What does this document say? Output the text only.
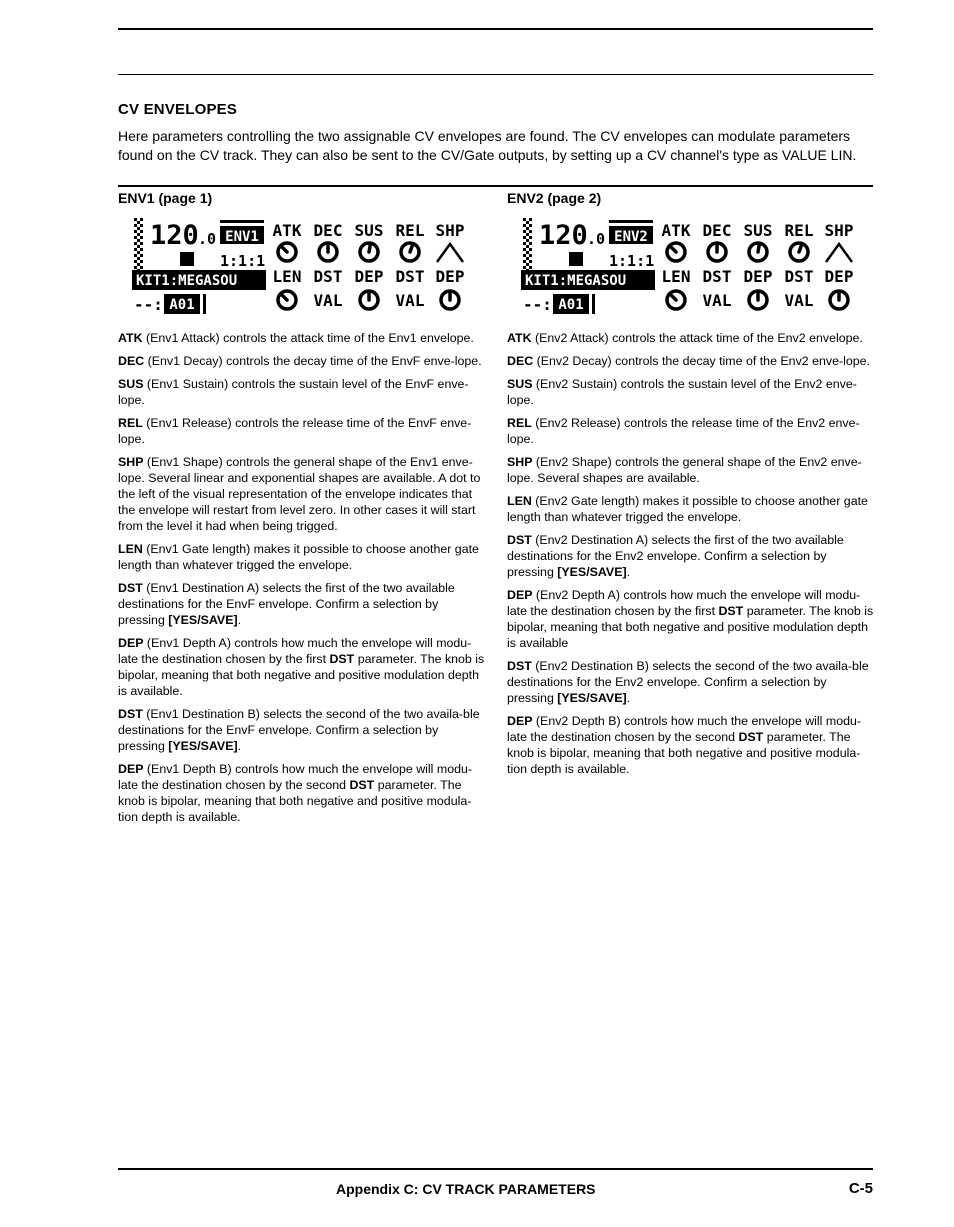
CV ENVELOPES
Here parameters controlling the two assignable CV envelopes are found. The CV envelopes can modulate parameters found on the CV track. They can also be sent to the CV/Gate outputs, by setting up a CV channel's type as VALUE LIN.
ENV1 (page 1)
120 .0 ENV1
1:1:1
KIT1:MEGASOU
--: A01
ATK DEC SUS REL SHP
LEN DST DEP DST DEP
VAL	VAL

ATK (Env1 Attack) controls the attack time of the Env1 envelope.

DEC (Env1 Decay) controls the decay time of the EnvF enve-lope.

SUS (Env1 Sustain) controls the sustain level of the EnvF enve-lope.

REL (Env1 Release) controls the release time of the EnvF enve-lope.

SHP (Env1 Shape) controls the general shape of the Env1 enve-lope. Several linear and exponential shapes are available. A dot to the left of the visual representation of the envelope indicates that the envelope will restart from level zero. In other cases it will start from the level it had when being trigged.

LEN (Env1 Gate length) makes it possible to choose another gate length than whatever trigged the envelope.

DST (Env1 Destination A) selects the first of the two available destinations for the EnvF envelope. Confirm a selection by pressing [YES/SAVE].

DEP (Env1 Depth A) controls how much the envelope will modu-late the destination chosen by the first DST parameter. The knob is bipolar, meaning that both negative and positive modulation depth is available.

DST (Env1 Destination B) selects the second of the two availa-ble destinations for the EnvF envelope. Confirm a selection by pressing [YES/SAVE].

DEP (Env1 Depth B) controls how much the envelope will modu-late the destination chosen by the second DST parameter. The knob is bipolar, meaning that both negative and positive modula-tion depth is available.

ENV2 (page 2)
120 .0 ENV2
1:1:1
KIT1:MEGASOU
--: A01
ATK DEC SUS REL SHP
LEN DST DEP DST DEP
VAL	VAL

ATK (Env2 Attack) controls the attack time of the Env2 envelope.

DEC (Env2 Decay) controls the decay time of the Env2 enve-lope.

SUS (Env2 Sustain) controls the sustain level of the Env2 enve-lope.

REL (Env2 Release) controls the release time of the Env2 enve-lope.

SHP (Env2 Shape) controls the general shape of the Env2 enve-lope. Several shapes are available.

LEN (Env2 Gate length) makes it possible to choose another gate length than whatever trigged the envelope.

DST (Env2 Destination A) selects the first of the two available destinations for the Env2 envelope. Confirm a selection by pressing [YES/SAVE].

DEP (Env2 Depth A) controls how much the envelope will modu-late the destination chosen by the first DST parameter. The knob is bipolar, meaning that both negative and positive modulation depth is available

DST (Env2 Destination B) selects the second of the two availa-ble destinations for the Env2 envelope. Confirm a selection by pressing [YES/SAVE].

DEP (Env2 Depth B) controls how much the envelope will modu-late the destination chosen by the second DST parameter. The knob is bipolar, meaning that both negative and positive modula-tion depth is available.

Appendix C: CV TRACK PARAMETERS	C-5
